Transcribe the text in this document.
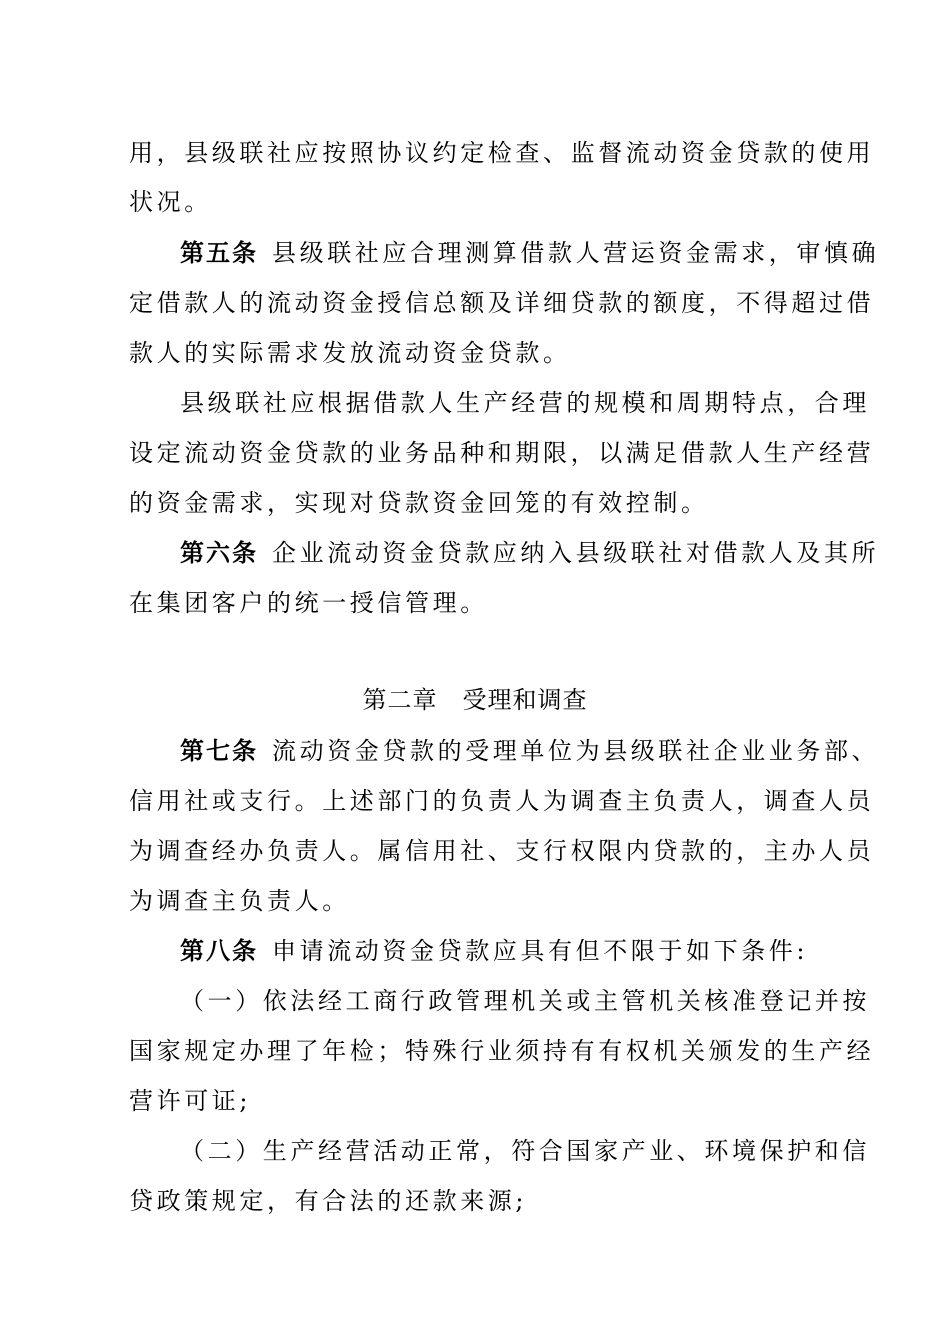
用，县级联社应按照协议约定检查、监督流动资金贷款的使用
状况。
第五条 县级联社应合理测算借款人营运资金需求，审慎确
定借款人的流动资金授信总额及详细贷款的额度，不得超过借
款人的实际需求发放流动资金贷款。
县级联社应根据借款人生产经营的规模和周期特点，合理
设定流动资金贷款的业务品种和期限，以满足借款人生产经营
的资金需求，实现对贷款资金回笼的有效控制。
第六条 企业流动资金贷款应纳入县级联社对借款人及其所
在集团客户的统一授信管理。
第二章　受理和调查
第七条 流动资金贷款的受理单位为县级联社企业业务部、
信用社或支行。上述部门的负责人为调查主负责人，调查人员
为调查经办负责人。属信用社、支行权限内贷款的，主办人员
为调查主负责人。
第八条 申请流动资金贷款应具有但不限于如下条件:
（一）依法经工商行政管理机关或主管机关核准登记并按
国家规定办理了年检；特殊行业须持有有权机关颁发的生产经
营许可证;
（二）生产经营活动正常，符合国家产业、环境保护和信
贷政策规定，有合法的还款来源;
